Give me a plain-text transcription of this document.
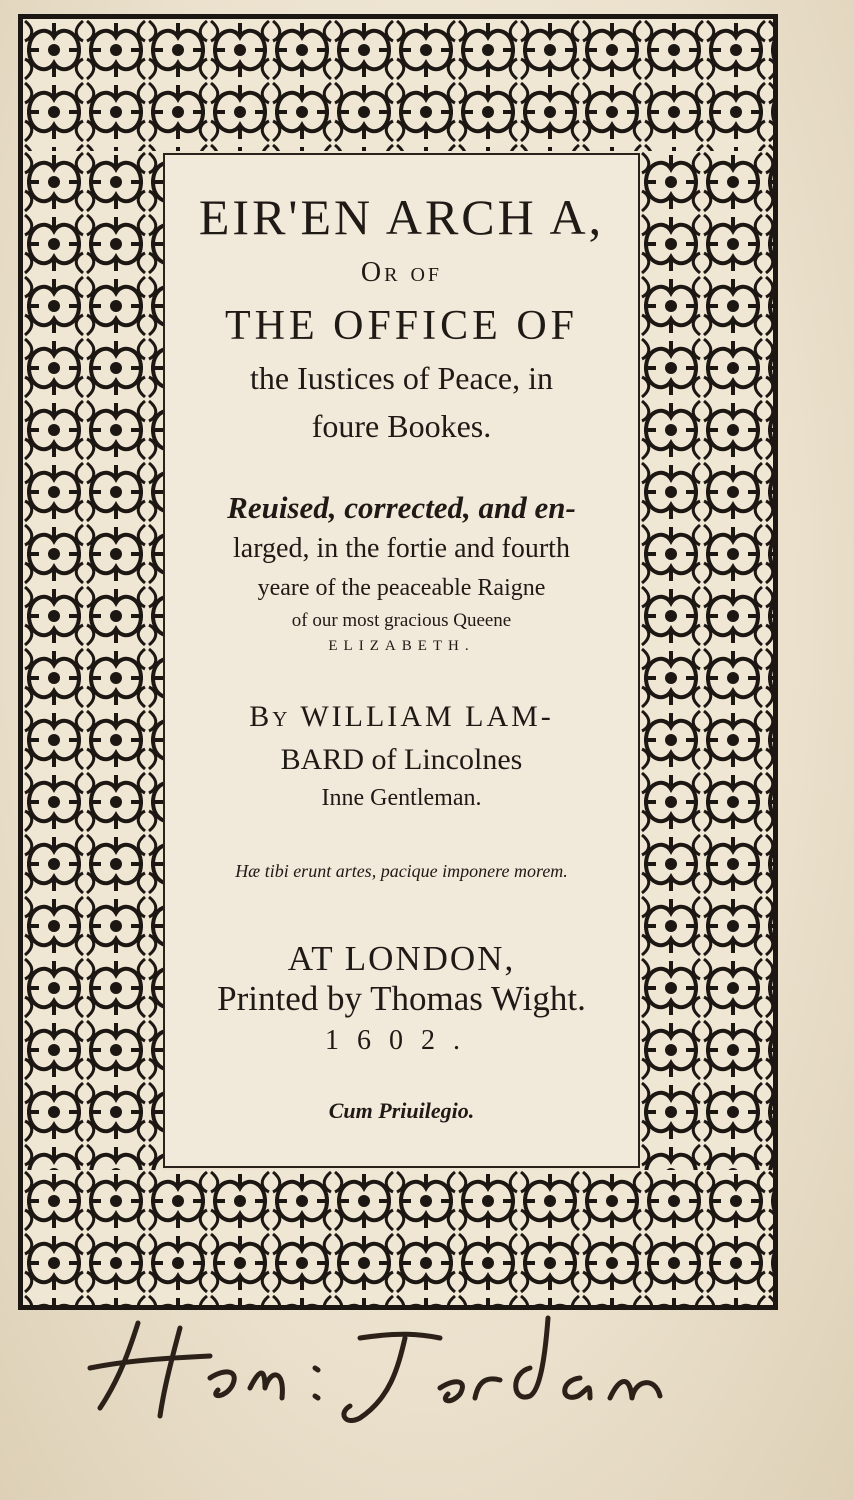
EIR'EN ARCH A,
Or of
THE OFFICE OF
the Iustices of Peace, in
foure Bookes.
Reuised, corrected, and en-
larged, in the fortie and fourth
yeare of the peaceable Raigne
of our most gracious Queene
ELIZABETH.
By WILLIAM LAM-
BARD of Lincolnes
Inne Gentleman.
Hæ tibi erunt artes, pacique imponere morem.
AT LONDON,
Printed by Thomas Wight.
1602.
Cum Priuilegio.
